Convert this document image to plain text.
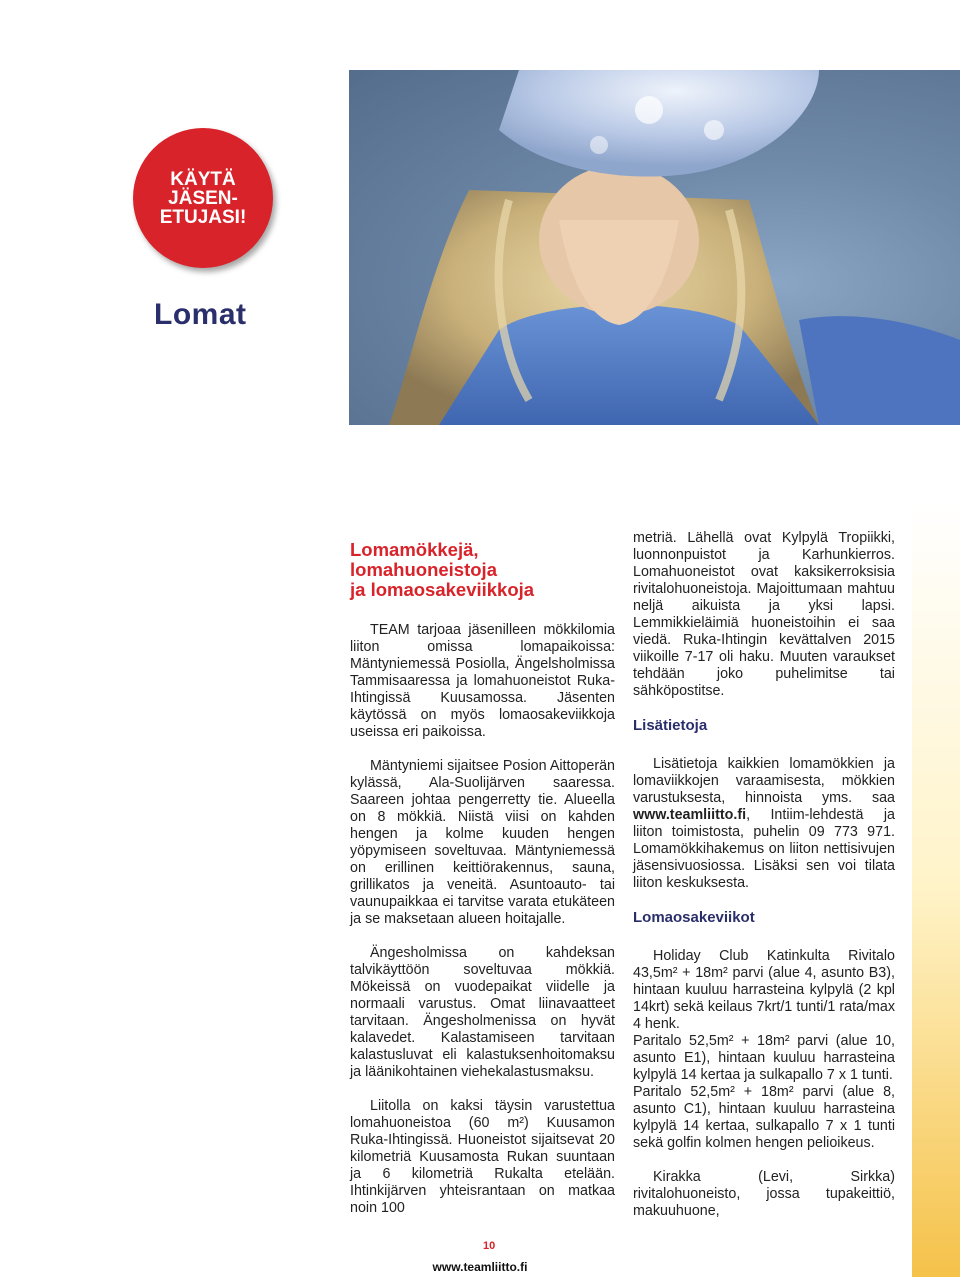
KÄYTÄ
JÄSEN-
ETUJASI!
Lomat
Lomamökkejä,
lomahuoneistoja
ja lomaosakeviikkoja

TEAM tarjoaa jäsenilleen mökkilomia liiton omissa lomapaikoissa: Mäntyniemessä Posiolla, Ängelsholmissa Tammisaaressa ja lomahuoneistot Ruka-Ihtingissä Kuusamossa. Jäsenten käytössä on myös lomaosakeviikkoja useissa eri paikoissa.

Mäntyniemi sijaitsee Posion Aittoperän kylässä, Ala-Suolijärven saaressa. Saareen johtaa pengerretty tie. Alueella on 8 mökkiä. Niistä viisi on kahden hengen ja kolme kuuden hengen yöpymiseen soveltuvaa. Mäntyniemessä on erillinen keittiörakennus, sauna, grillikatos ja veneitä. Asuntoauto- tai vaunupaikkaa ei tarvitse varata etukäteen ja se maksetaan alueen hoitajalle.

Ängesholmissa on kahdeksan talvikäyttöön soveltuvaa mökkiä. Mökeissä on vuodepaikat viidelle ja normaali varustus. Omat liinavaatteet tarvitaan. Ängesholmenissa on hyvät kalavedet. Kalastamiseen tarvitaan kalastusluvat eli kalastuksenhoitomaksu ja läänikohtainen viehekalastusmaksu.

Liitolla on kaksi täysin varustettua lomahuoneistoa (60 m²) Kuusamon Ruka-Ihtingissä. Huoneistot sijaitsevat 20 kilometriä Kuusamosta Rukan suuntaan ja 6 kilometriä Rukalta etelään. Ihtinkijärven yhteisrantaan on matkaa noin 100

metriä. Lähellä ovat Kylpylä Tropiikki, luonnonpuistot ja Karhunkierros. Lomahuoneistot ovat kaksikerroksisia rivitalohuoneistoja. Majoittumaan mahtuu neljä aikuista ja yksi lapsi. Lemmikkieläimiä huoneistoihin ei saa viedä. Ruka-Ihtingin kevättalven 2015 viikoille 7-17 oli haku. Muuten varaukset tehdään joko puhelimitse tai sähköpostitse.

Lisätietoja

Lisätietoja kaikkien lomamökkien ja lomaviikkojen varaamisesta, mökkien varustuksesta, hinnoista yms. saa www.teamliitto.fi, Intiim-lehdestä ja liiton toimistosta, puhelin 09 773 971. Lomamökkihakemus on liiton nettisivujen jäsensivuosiossa. Lisäksi sen voi tilata liiton keskuksesta.

Lomaosakeviikot

Holiday Club Katinkulta Rivitalo 43,5m² + 18m² parvi (alue 4, asunto B3), hintaan kuuluu harrasteina kylpylä (2 kpl 14krt) sekä keilaus 7krt/1 tunti/1 rata/max 4 henk.

Paritalo 52,5m² + 18m² parvi (alue 10, asunto E1), hintaan kuuluu harrasteina kylpylä 14 kertaa ja sulkapallo 7 x 1 tunti.

Paritalo 52,5m² + 18m² parvi (alue 8, asunto C1), hintaan kuuluu harrasteina kylpylä 14 kertaa, sulkapallo 7 x 1 tunti sekä golfin kolmen hengen pelioikeus.

Kirakka (Levi, Sirkka) rivitalohuoneisto, jossa tupakeittiö, makuuhuone,

10
www.teamliitto.fi
